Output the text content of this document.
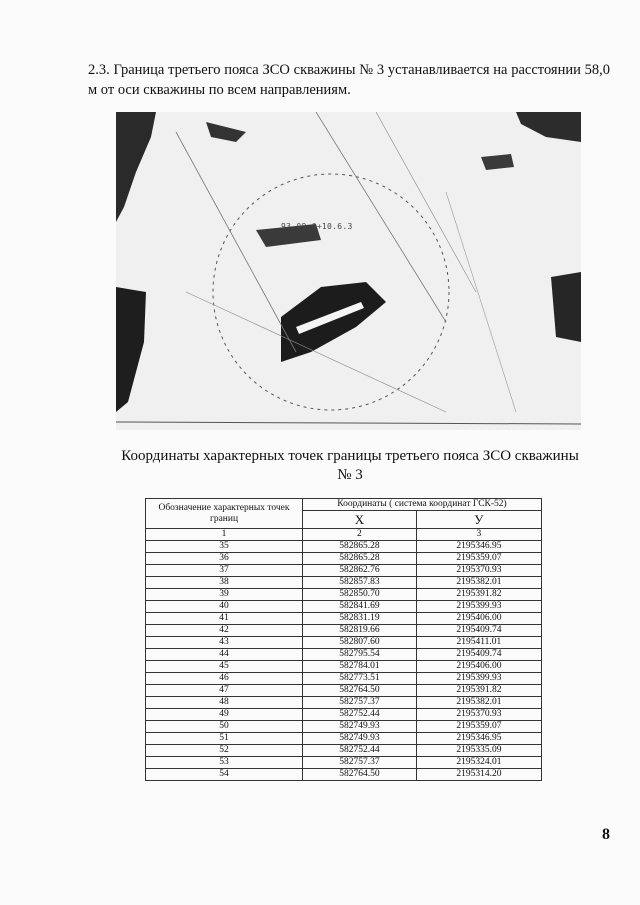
2.3. Граница третьего пояса ЗСО скважины № 3 устанавливается на расстоянии 58,0 м от оси скважины по всем направлениям.
93.09.0+10.6.3
Координаты характерных точек границы третьего пояса ЗСО скважины № 3
Обозначение характерных точек границ	Координаты ( система координат ГСК-52)	
	X	У
1	2	3
35	582865.28	2195346.95
36	582865.28	2195359.07
37	582862.76	2195370.93
38	582857.83	2195382.01
39	582850.70	2195391.82
40	582841.69	2195399.93
41	582831.19	2195406.00
42	582819.66	2195409.74
43	582807.60	2195411.01
44	582795.54	2195409.74
45	582784.01	2195406.00
46	582773.51	2195399.93
47	582764.50	2195391.82
48	582757.37	2195382.01
49	582752.44	2195370.93
50	582749.93	2195359.07
51	582749.93	2195346.95
52	582752.44	2195335.09
53	582757.37	2195324.01
54	582764.50	2195314.20
8
